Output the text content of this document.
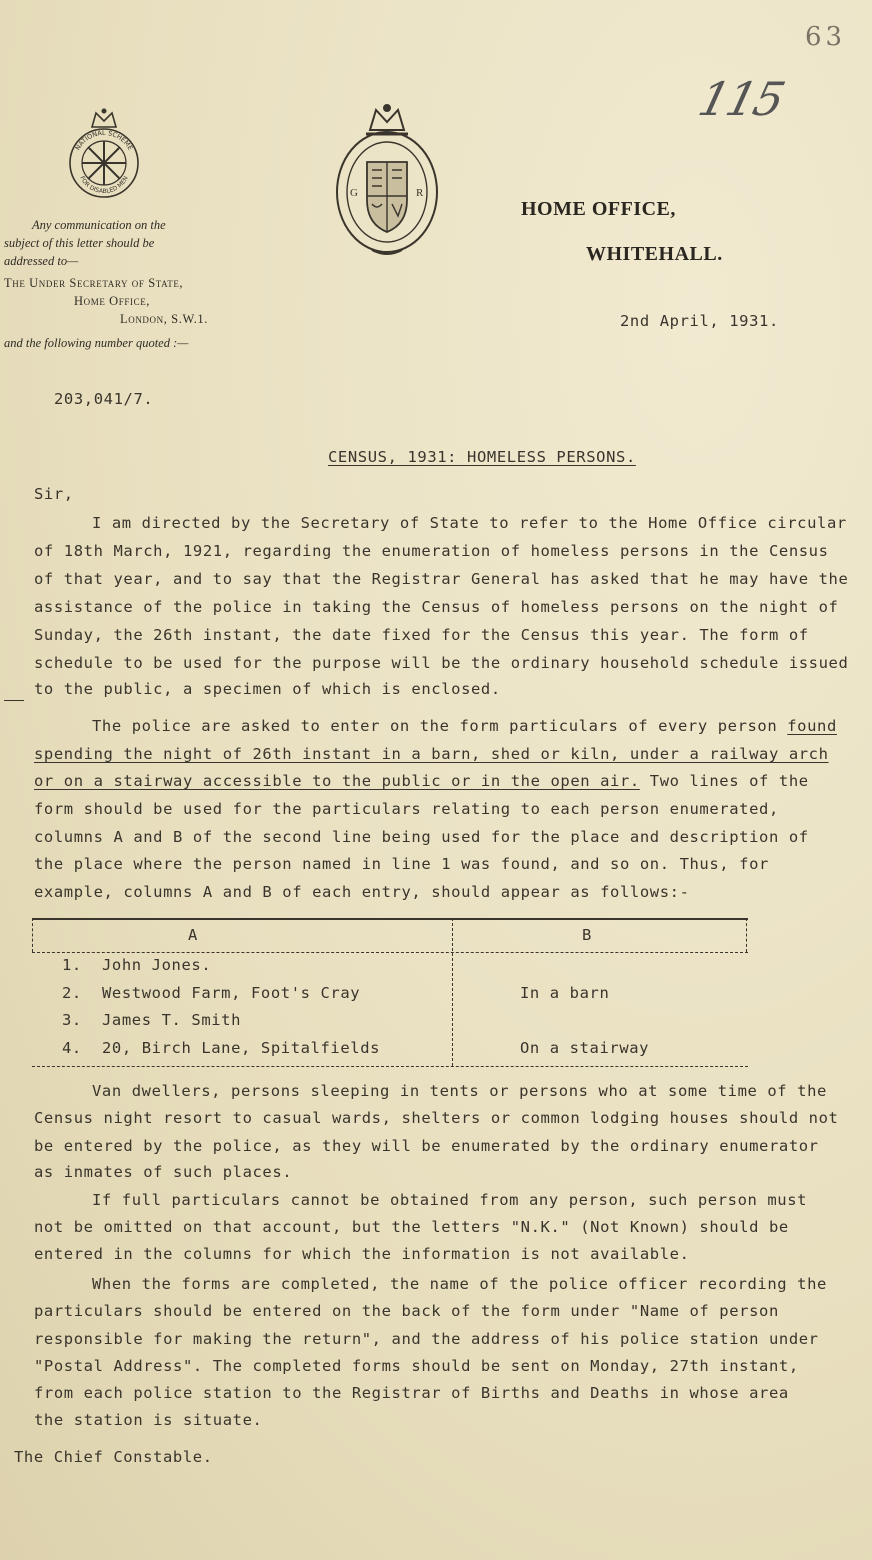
63
115
NATIONAL SCHEME
FOR DISABLED MEN
G	R
Any communication on the
subject of this letter should be
addressed to—
The Under Secretary of State,
Home Office,
London, S.W.1.
and the following number quoted :—
HOME OFFICE,
WHITEHALL.
2nd April, 1931.
203,041/7.
CENSUS, 1931: HOMELESS PERSONS.
Sir,
I am directed by the Secretary of State to refer to the Home Office circular
of 18th March, 1921, regarding the enumeration of homeless persons in the Census
of that year, and to say that the Registrar General has asked that he may have the
assistance of the police in taking the Census of homeless persons on the night of
Sunday, the 26th instant, the date fixed for the Census this year. The form of
schedule to be used for the purpose will be the ordinary household schedule issued
to the public, a specimen of which is enclosed.
The police are asked to enter on the form particulars of every person found
spending the night of 26th instant in a barn, shed or kiln, under a railway arch
or on a stairway accessible to the public or in the open air. Two lines of the
form should be used for the particulars relating to each person enumerated,
columns A and B of the second line being used for the place and description of
the place where the person named in line 1 was found, and so on. Thus, for
example, columns A and B of each entry, should appear as follows:-
A	B
1. John Jones.
2. Westwood Farm, Foot's Cray	In a barn
3. James T. Smith
4. 20, Birch Lane, Spitalfields	On a stairway
Van dwellers, persons sleeping in tents or persons who at some time of the
Census night resort to casual wards, shelters or common lodging houses should not
be entered by the police, as they will be enumerated by the ordinary enumerator
as inmates of such places.
If full particulars cannot be obtained from any person, such person must
not be omitted on that account, but the letters "N.K." (Not Known) should be
entered in the columns for which the information is not available.
When the forms are completed, the name of the police officer recording the
particulars should be entered on the back of the form under "Name of person
responsible for making the return", and the address of his police station under
"Postal Address". The completed forms should be sent on Monday, 27th instant,
from each police station to the Registrar of Births and Deaths in whose area
the station is situate.
The Chief Constable.
